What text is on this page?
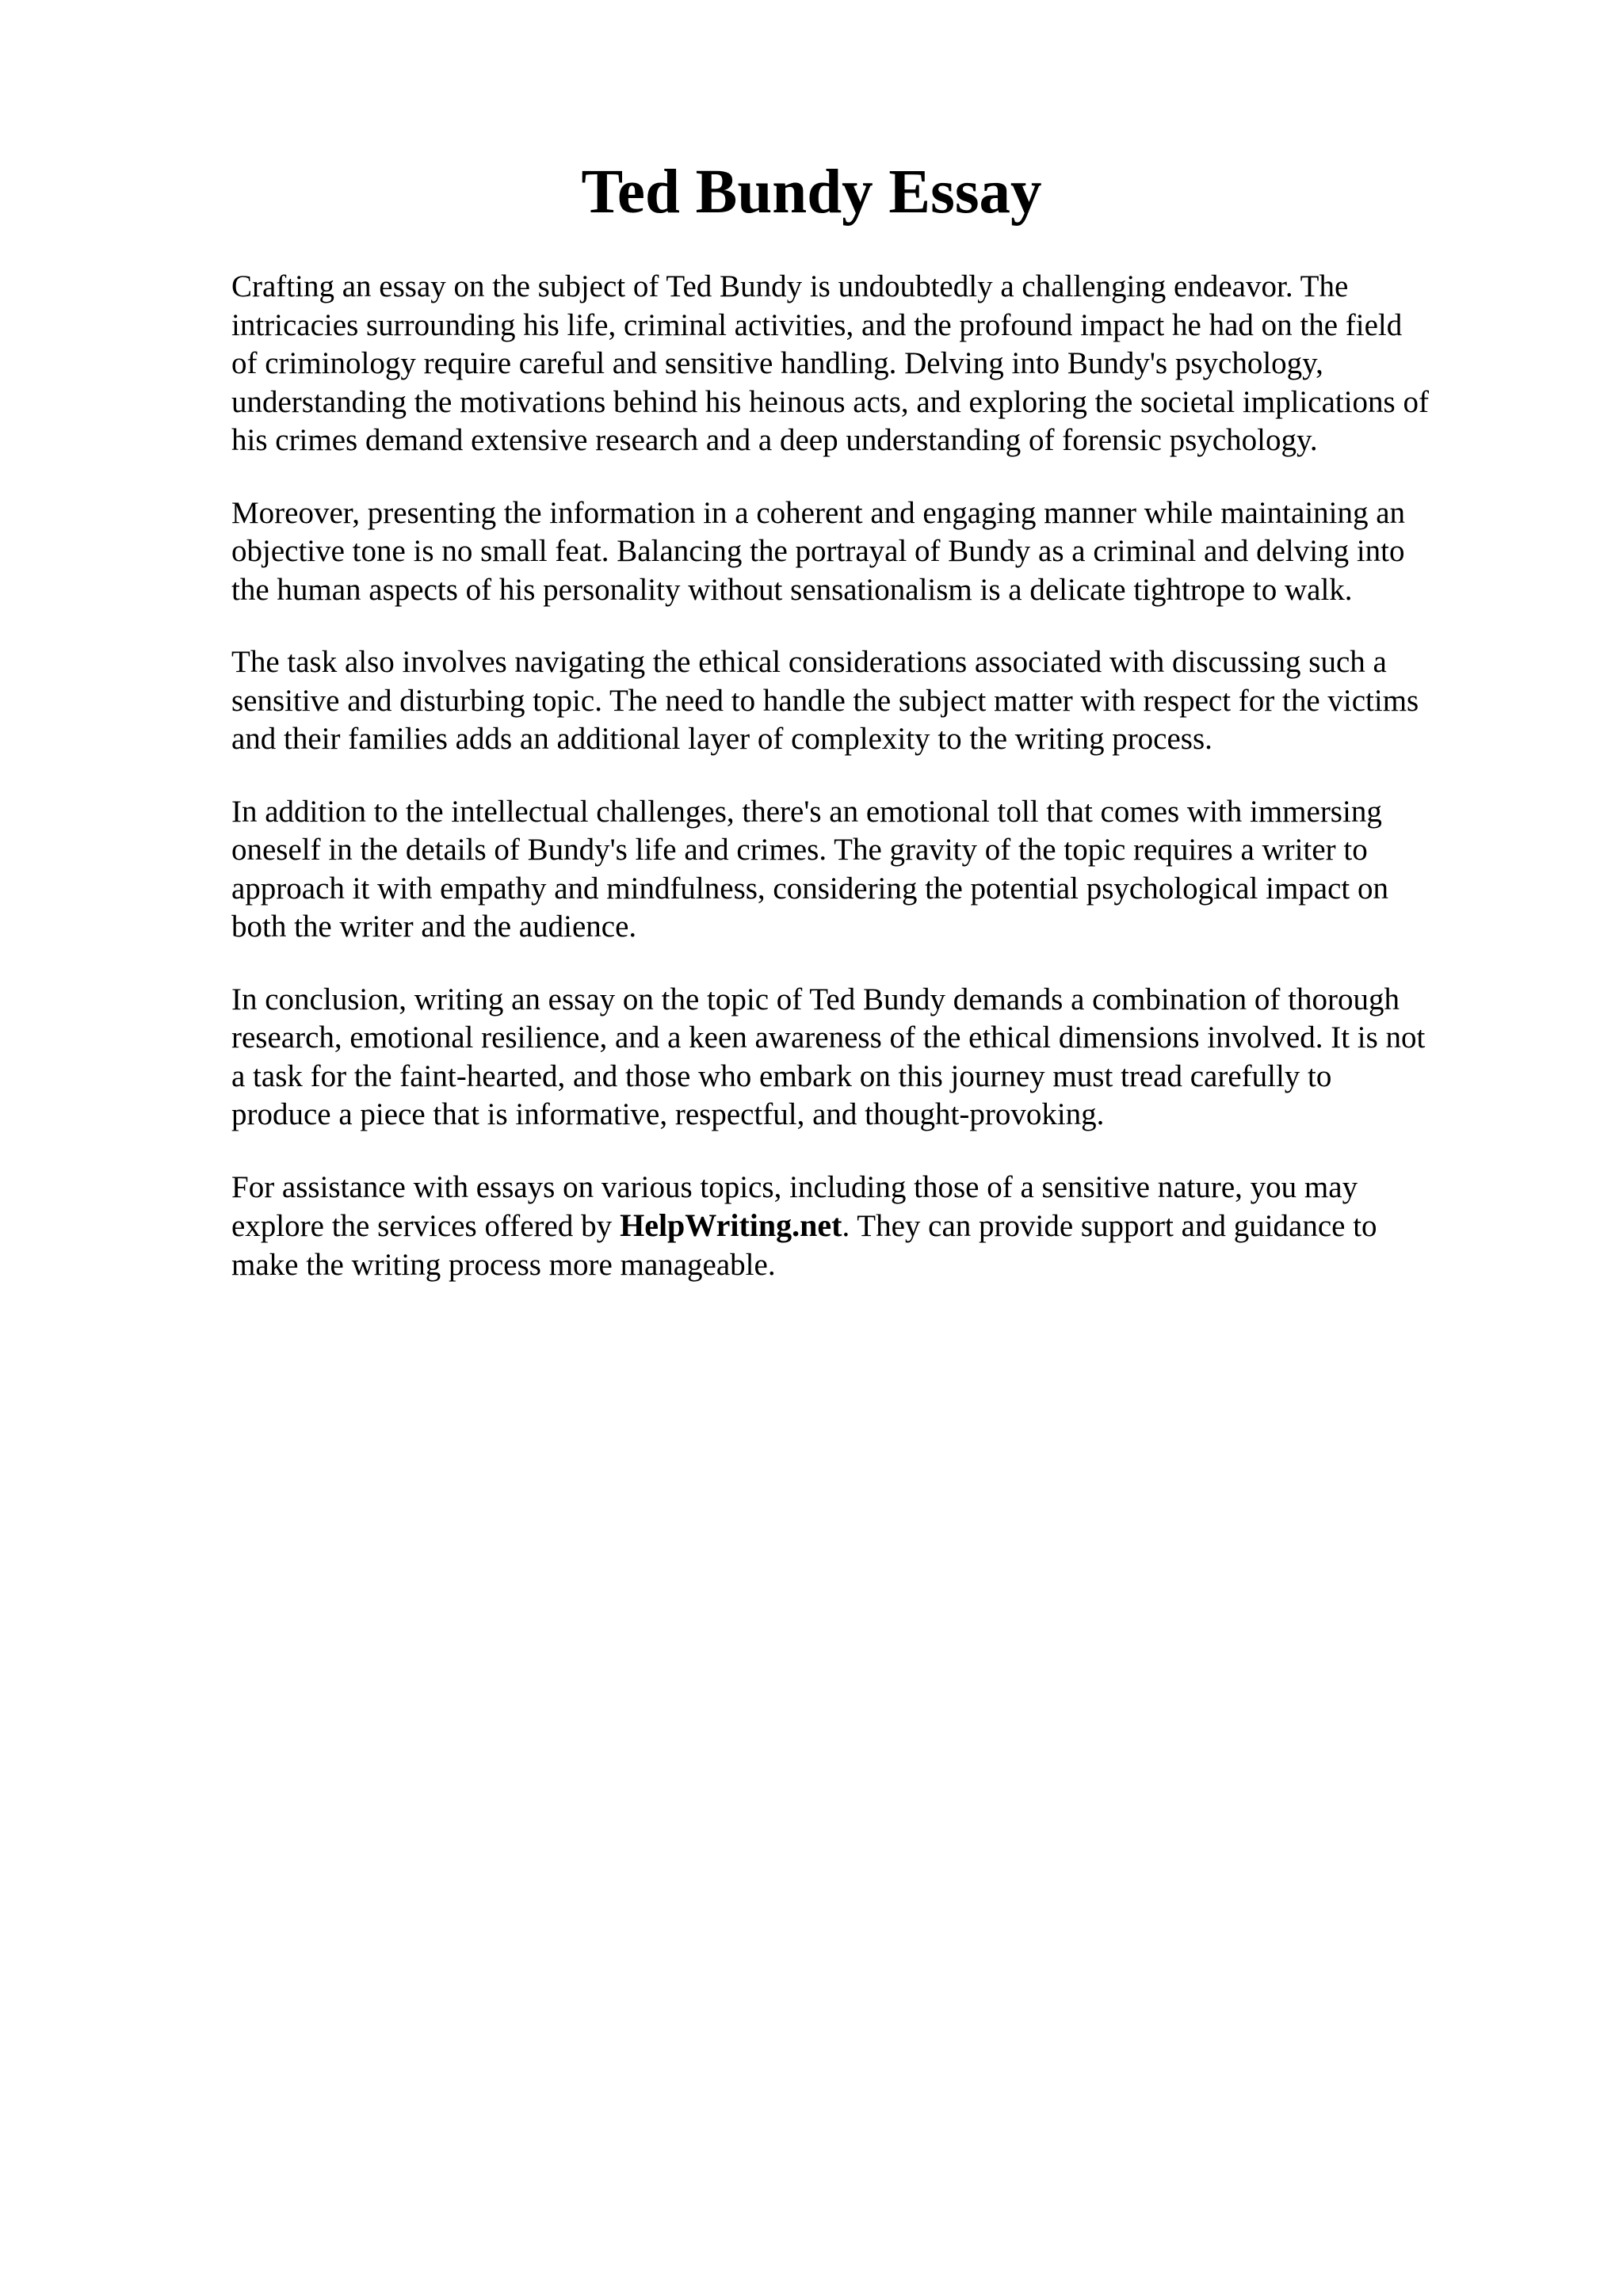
Ted Bundy Essay

Crafting an essay on the subject of Ted Bundy is undoubtedly a challenging endeavor. The
intricacies surrounding his life, criminal activities, and the profound impact he had on the field
of criminology require careful and sensitive handling. Delving into Bundy's psychology,
understanding the motivations behind his heinous acts, and exploring the societal implications of
his crimes demand extensive research and a deep understanding of forensic psychology.

Moreover, presenting the information in a coherent and engaging manner while maintaining an
objective tone is no small feat. Balancing the portrayal of Bundy as a criminal and delving into
the human aspects of his personality without sensationalism is a delicate tightrope to walk.

The task also involves navigating the ethical considerations associated with discussing such a
sensitive and disturbing topic. The need to handle the subject matter with respect for the victims
and their families adds an additional layer of complexity to the writing process.

In addition to the intellectual challenges, there's an emotional toll that comes with immersing
oneself in the details of Bundy's life and crimes. The gravity of the topic requires a writer to
approach it with empathy and mindfulness, considering the potential psychological impact on
both the writer and the audience.

In conclusion, writing an essay on the topic of Ted Bundy demands a combination of thorough
research, emotional resilience, and a keen awareness of the ethical dimensions involved. It is not
a task for the faint-hearted, and those who embark on this journey must tread carefully to
produce a piece that is informative, respectful, and thought-provoking.

For assistance with essays on various topics, including those of a sensitive nature, you may
explore the services offered by HelpWriting.net. They can provide support and guidance to
make the writing process more manageable.
